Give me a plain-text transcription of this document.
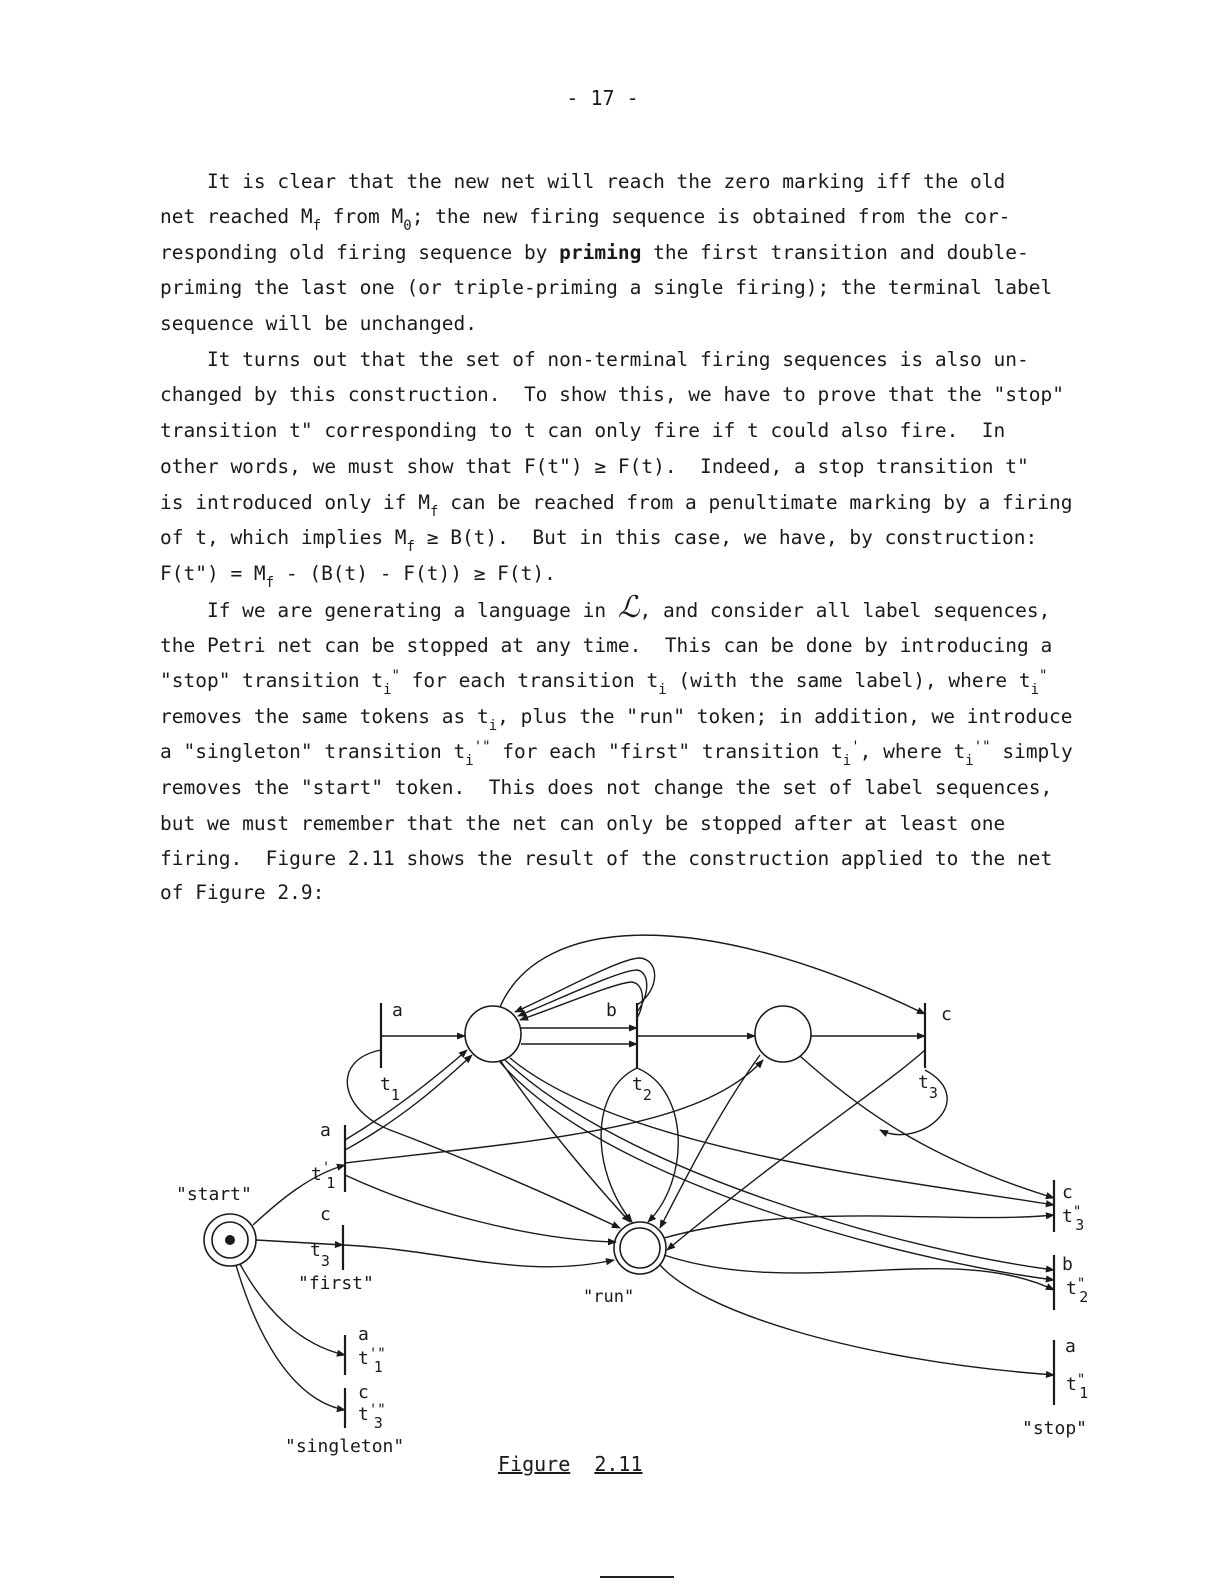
- 17 -
It is clear that the new net will reach the zero marking iff the old
net reached $M_f$ from $M_0$; the new firing sequence is obtained from the cor-
responding old firing sequence by priming the first transition and double-
priming the last one (or triple-priming a single firing); the terminal label
sequence will be unchanged.
It turns out that the set of non-terminal firing sequences is also un-
changed by this construction.  To show this, we have to prove that the "stop"
transition t" corresponding to t can only fire if t could also fire.  In
other words, we must show that F(t") ≥ F(t).  Indeed, a stop transition t"
is introduced only if $M_f$ can be reached from a penultimate marking by a firing
of t, which implies $M_f \ge B(t)$.  But in this case, we have, by construction:
F(t") = $M_f - (B(t) - F(t)) \ge F(t)$.
If we are generating a language in ℒ, and consider all label sequences,
the Petri net can be stopped at any time.  This can be done by introducing a
"stop" transition $t_i^"$ for each transition $t_i$ (with the same label), where $t_i^"$
removes the same tokens as $t_i$, plus the "run" token; in addition, we introduce
a "singleton" transition $t_i^{'"}$ for each "first" transition $t_i'$, where $t_i^{'"}$ simply
removes the "start" token.  This does not change the set of label sequences,
but we must remember that the net can only be stopped after at least one
firing.  Figure 2.11 shows the result of the construction applied to the net
of Figure 2.9:
a	b	c
$t_1$	$t_2$
$t_3$
a
t' 1
c
$t_3$
"start"
"first"
"run"
a
t'" 1
c
t'" 3
"singleton"
c
t" 3
b
t" 2
a
t" 1
"stop"
Figure 2.11
